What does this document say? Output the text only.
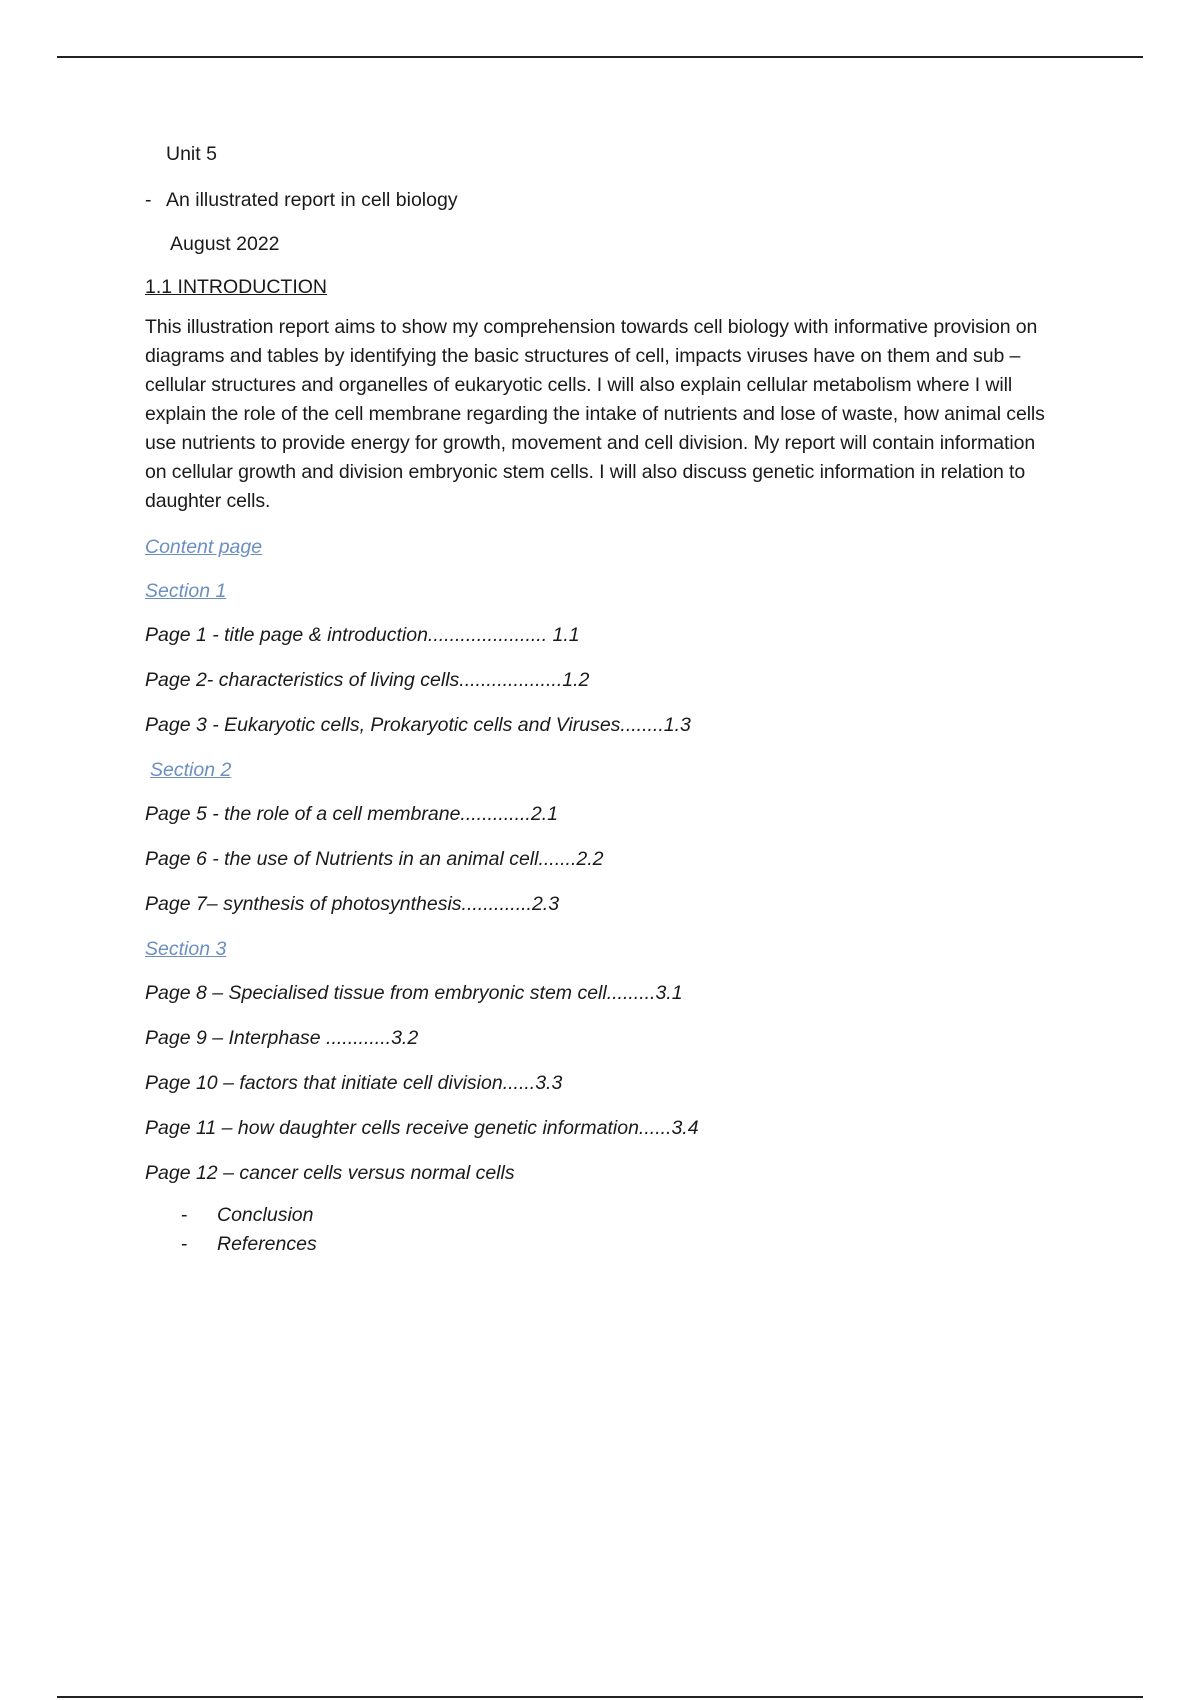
Unit 5

- An illustrated report in cell biology

August 2022

1.1 INTRODUCTION

This illustration report aims to show my comprehension towards cell biology with informative provision on diagrams and tables by identifying the basic structures of cell, impacts viruses have on them and sub – cellular structures and organelles of eukaryotic cells. I will also explain cellular metabolism where I will explain the role of the cell membrane regarding the intake of nutrients and lose of waste, how animal cells use nutrients to provide energy for growth, movement and cell division. My report will contain information on cellular growth and division embryonic stem cells. I will also discuss genetic information in relation to daughter cells.

Content page

Section 1

Page 1 - title page & introduction...................... 1.1

Page 2- characteristics of living cells...................1.2

Page 3 - Eukaryotic cells, Prokaryotic cells and Viruses........1.3

Section 2

Page 5 - the role of a cell membrane.............2.1

Page 6 - the use of Nutrients in an animal cell.......2.2

Page 7– synthesis of photosynthesis.............2.3

Section 3

Page 8 – Specialised tissue from embryonic stem cell.........3.1

Page 9 – Interphase ............3.2

Page 10 – factors that initiate cell division......3.3

Page 11 – how daughter cells receive genetic information......3.4

Page 12 – cancer cells versus normal cells

- Conclusion
- References
